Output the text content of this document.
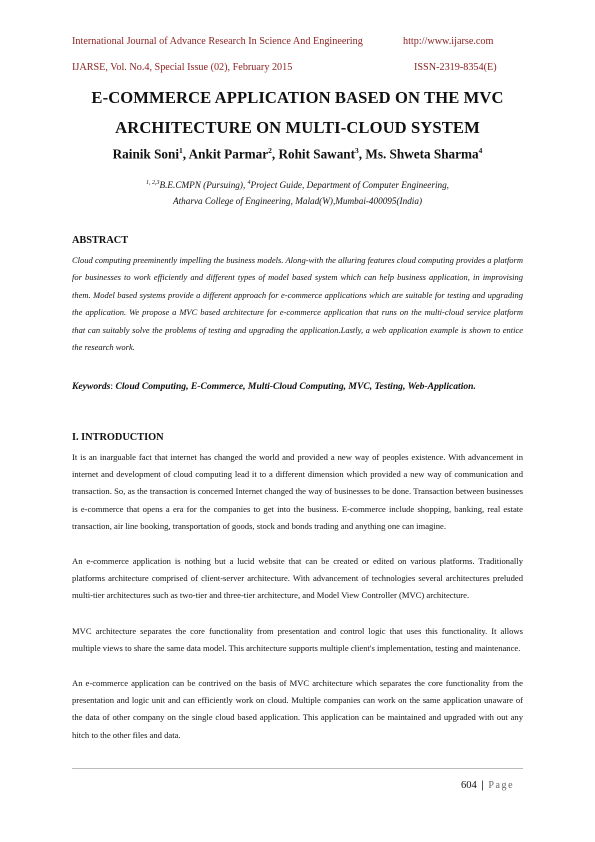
International Journal of Advance Research In Science And Engineering	http://www.ijarse.com
IJARSE, Vol. No.4, Special Issue (02), February 2015	ISSN-2319-8354(E)
E-COMMERCE APPLICATION BASED ON THE MVC
ARCHITECTURE ON MULTI-CLOUD SYSTEM
Rainik Soni$^1$, Ankit Parmar$^2$, Rohit Sawant$^3$, Ms. Shweta Sharma$^4$
$^{1, 2,3}$B.E.CMPN (Pursuing), $^4$Project Guide, Department of Computer Engineering,
Atharva College of Engineering, Malad(W),Mumbai-400095(India)
ABSTRACT
Cloud computing preeminently impelling the business models. Along-with the alluring features cloud computing provides a platform for businesses to work efficiently and different types of model based system which can help business application, in improvising them. Model based systems provide a different approach for e-commerce applications which are suitable for testing and upgrading the application. We propose a MVC based architecture for e-commerce application that runs on the multi-cloud service platform that can suitably solve the problems of testing and upgrading the application.Lastly, a web application example is shown to entice the research work.
Keywords: Cloud Computing, E-Commerce, Multi-Cloud Computing, MVC, Testing, Web-Application.
I. INTRODUCTION
It is an inarguable fact that internet has changed the world and provided a new way of peoples existence. With advancement in internet and development of cloud computing lead it to a different dimension which provided a new way of communication and transaction. So, as the transaction is concerned Internet changed the way of businesses to be done. Transaction between businesses is e-commerce that opens a era for the companies to get into the business. E-commerce include shopping, banking, real estate transaction, air line booking, transportation of goods, stock and bonds trading and anything one can imagine.
An e-commerce application is nothing but a lucid website that can be created or edited on various platforms. Traditionally platforms architecture comprised of client-server architecture. With advancement of technologies several architectures preluded multi-tier architectures such as two-tier and three-tier architecture, and Model View Controller (MVC) architecture.
MVC architecture separates the core functionality from presentation and control logic that uses this functionality. It allows multiple views to share the same data model. This architecture supports multiple client's implementation, testing and maintenance.
An e-commerce application can be contrived on the basis of MVC architecture which separates the core functionality from the presentation and logic unit and can efficiently work on cloud. Multiple companies can work on the same application unaware of the data of other company on the single cloud based application. This application can be maintained and upgraded with out any hitch to the other files and data.
604 | Page
